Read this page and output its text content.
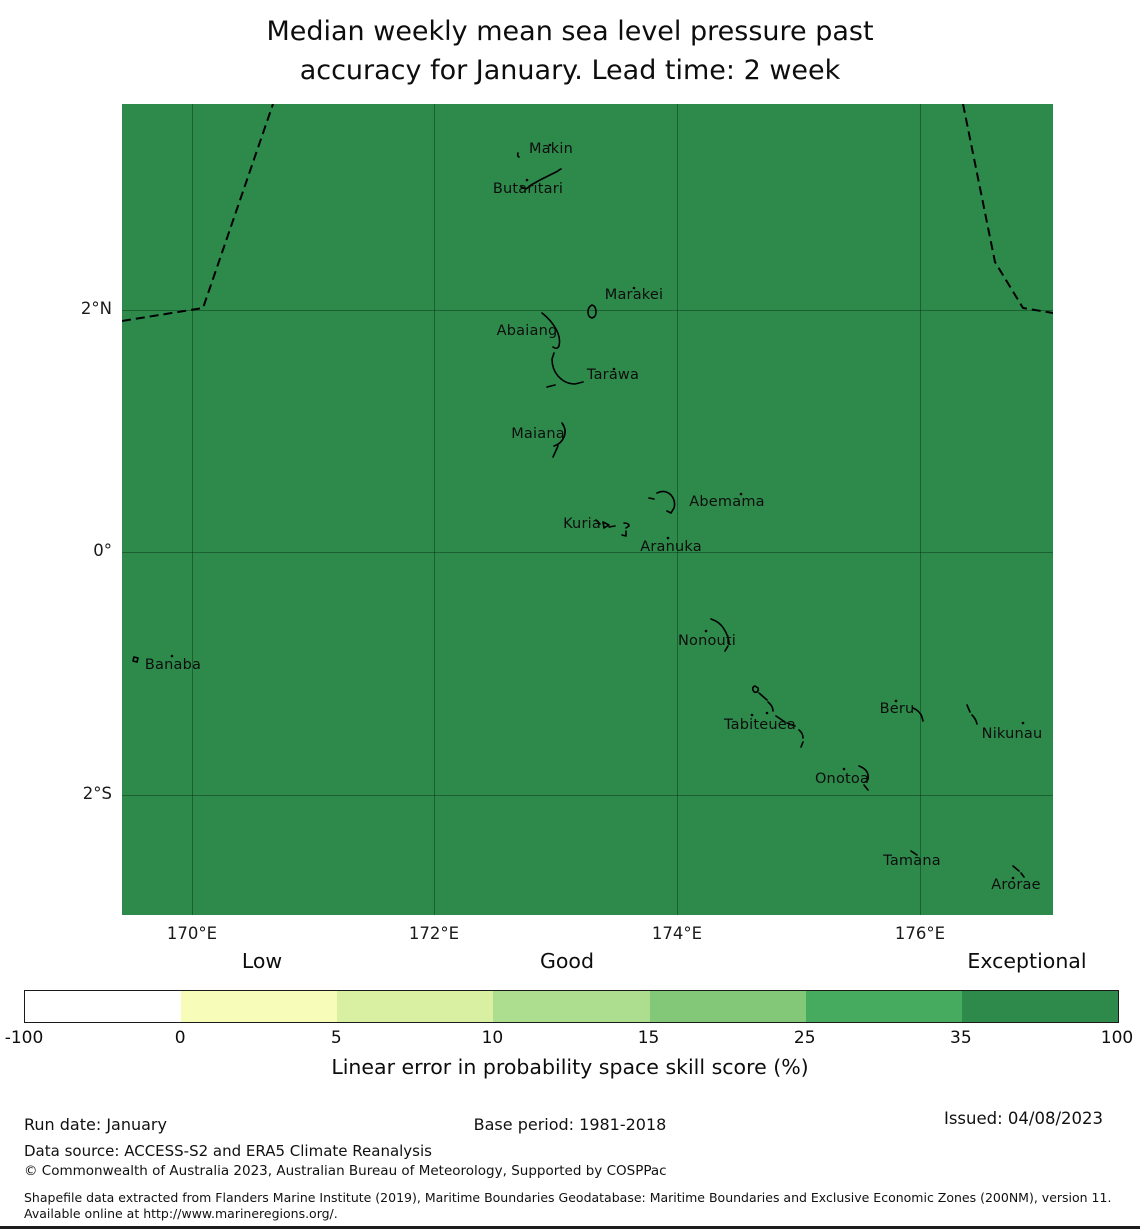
Median weekly mean sea level pressure past
accuracy for January. Lead time: 2 week
Makin
Butaritari
Marakei
Abaiang
Tarawa
Maiana
Abemama
Kuria
Aranuka
Nonouti
Banaba
Tabiteuea
Beru
Nikunau
Onotoa
Tamana
Arorae
2°N
0°
2°S
170°E	172°E	174°E	176°E
Low	Good	Exceptional
-100	0	5	10	15	25	35	100
Linear error in probability space skill score (%)
Run date: January	Base period: 1981-2018	Issued: 04/08/2023
Data source: ACCESS-S2 and ERA5 Climate Reanalysis
© Commonwealth of Australia 2023, Australian Bureau of Meteorology, Supported by COSPPac
Shapefile data extracted from Flanders Marine Institute (2019), Maritime Boundaries Geodatabase: Maritime Boundaries and Exclusive Economic Zones (200NM), version 11. Available online at http://www.marineregions.org/.
